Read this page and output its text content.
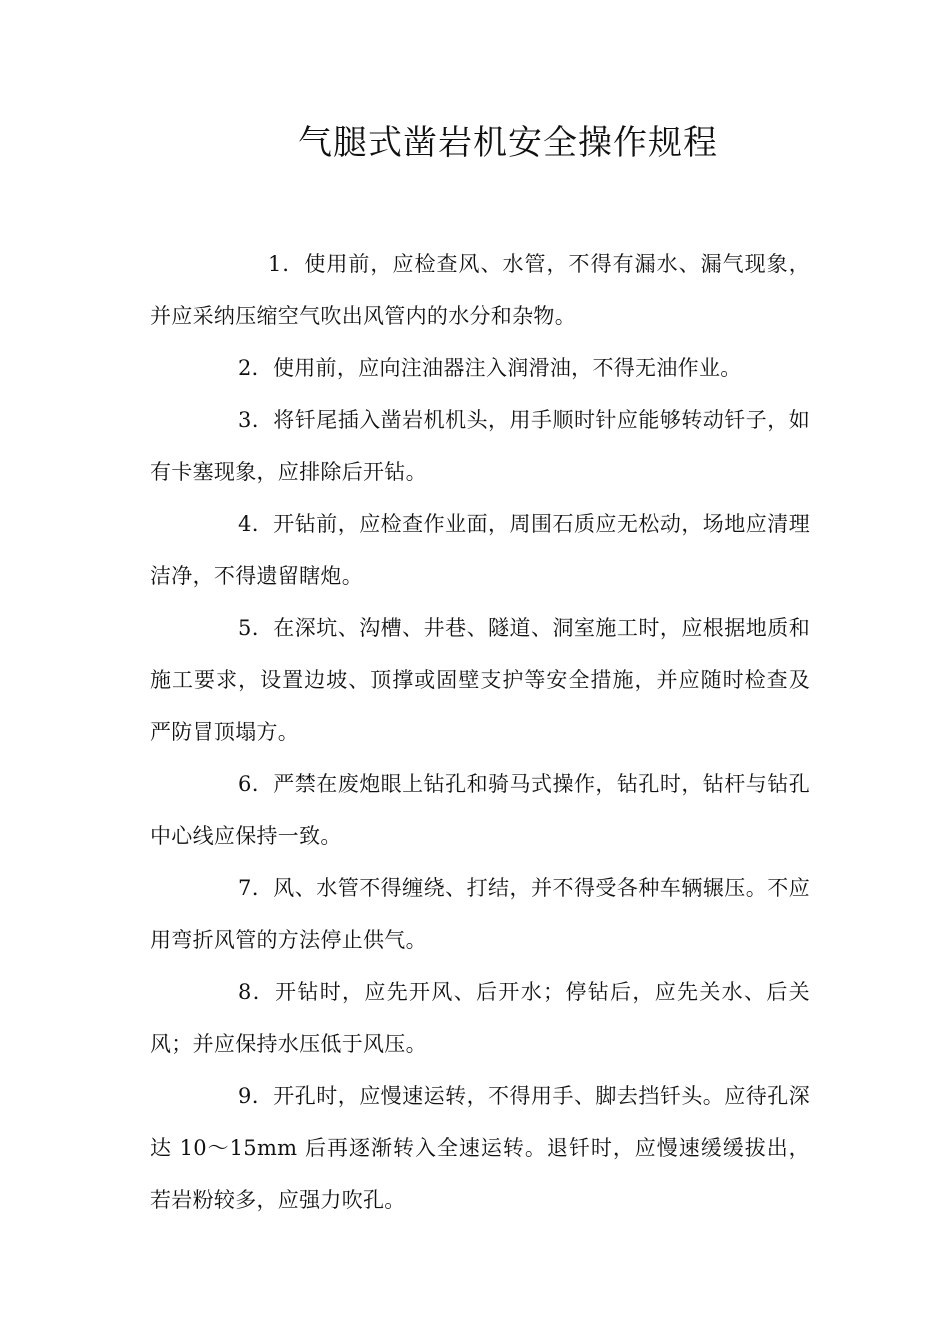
气腿式凿岩机安全操作规程

1．使用前，应检查风、水管，不得有漏水、漏气现象，并应采纳压缩空气吹出风管内的水分和杂物。

2．使用前，应向注油器注入润滑油，不得无油作业。

3．将钎尾插入凿岩机机头，用手顺时针应能够转动钎子，如有卡塞现象，应排除后开钻。

4．开钻前，应检查作业面，周围石质应无松动，场地应清理洁净，不得遗留瞎炮。

5．在深坑、沟槽、井巷、隧道、洞室施工时，应根据地质和施工要求，设置边坡、顶撑或固壁支护等安全措施，并应随时检查及严防冒顶塌方。

6．严禁在废炮眼上钻孔和骑马式操作，钻孔时，钻杆与钻孔中心线应保持一致。

7．风、水管不得缠绕、打结，并不得受各种车辆辗压。不应用弯折风管的方法停止供气。

8．开钻时，应先开风、后开水；停钻后，应先关水、后关风；并应保持水压低于风压。

9．开孔时，应慢速运转，不得用手、脚去挡钎头。应待孔深达 10～15mm 后再逐渐转入全速运转。退钎时，应慢速缓缓拔出，若岩粉较多，应强力吹孔。
